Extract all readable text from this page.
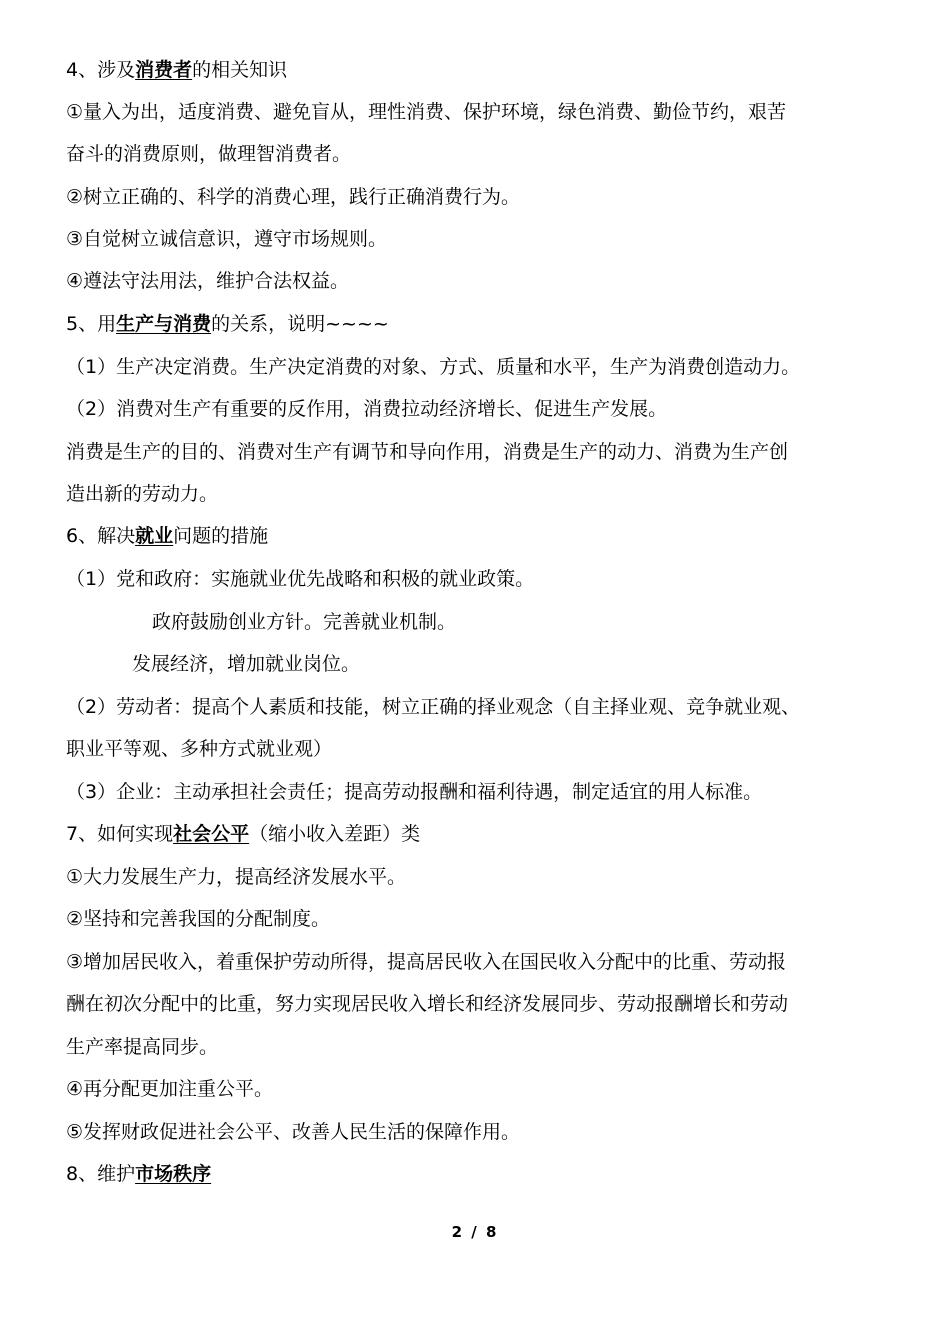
4、涉及消费者的相关知识
①量入为出，适度消费、避免盲从，理性消费、保护环境，绿色消费、勤俭节约，艰苦
奋斗的消费原则，做理智消费者。
②树立正确的、科学的消费心理，践行正确消费行为。
③自觉树立诚信意识，遵守市场规则。
④遵法守法用法，维护合法权益。
5、用生产与消费的关系，说明~~~~
（1）生产决定消费。生产决定消费的对象、方式、质量和水平，生产为消费创造动力。
（2）消费对生产有重要的反作用，消费拉动经济增长、促进生产发展。
消费是生产的目的、消费对生产有调节和导向作用，消费是生产的动力、消费为生产创
造出新的劳动力。
6、解决就业问题的措施
（1）党和政府：实施就业优先战略和积极的就业政策。
政府鼓励创业方针。完善就业机制。
发展经济，增加就业岗位。
（2）劳动者：提高个人素质和技能，树立正确的择业观念（自主择业观、竞争就业观、
职业平等观、多种方式就业观）
（3）企业：主动承担社会责任；提高劳动报酬和福利待遇，制定适宜的用人标准。
7、如何实现社会公平（缩小收入差距）类
①大力发展生产力，提高经济发展水平。
②坚持和完善我国的分配制度。
③增加居民收入，着重保护劳动所得，提高居民收入在国民收入分配中的比重、劳动报
酬在初次分配中的比重，努力实现居民收入增长和经济发展同步、劳动报酬增长和劳动
生产率提高同步。
④再分配更加注重公平。
⑤发挥财政促进社会公平、改善人民生活的保障作用。
8、维护市场秩序
2 / 8
